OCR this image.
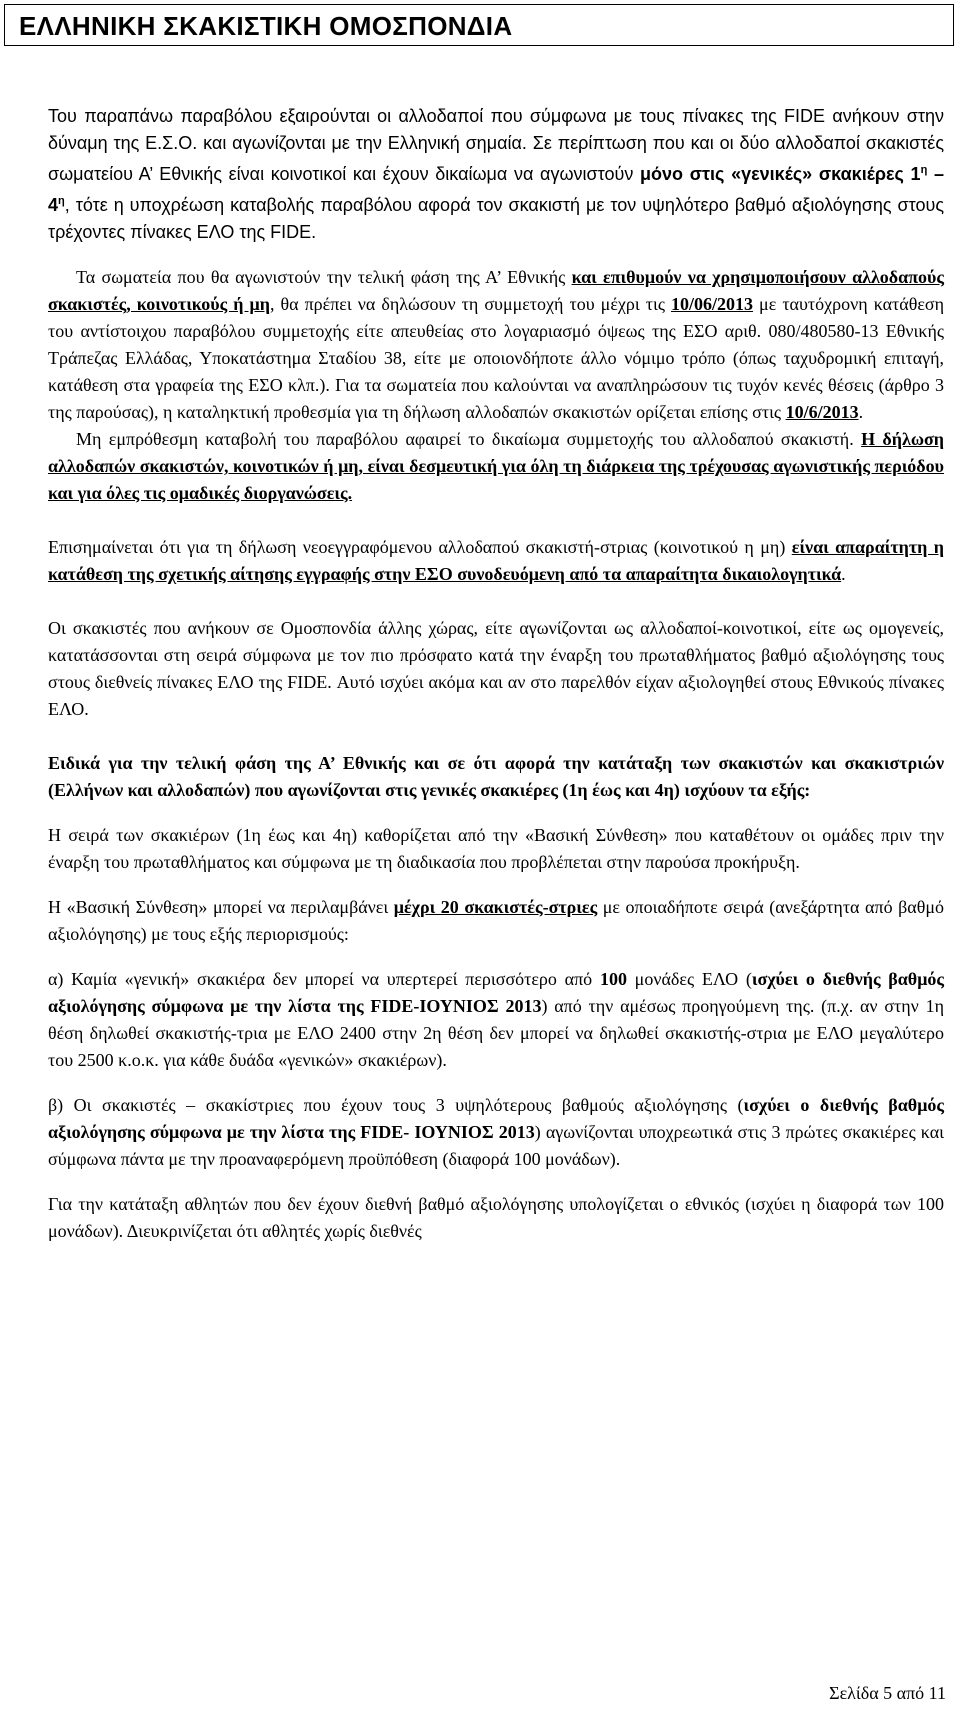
ΕΛΛΗΝΙΚΗ ΣΚΑΚΙΣΤΙΚΗ ΟΜΟΣΠΟΝΔΙΑ

Του παραπάνω παραβόλου εξαιρούνται οι αλλοδαποί που σύμφωνα με τους πίνακες της FIDE ανήκουν στην δύναμη της Ε.Σ.Ο. και αγωνίζονται με την Ελληνική σημαία. Σε περίπτωση που και οι δύο αλλοδαποί σκακιστές σωματείου Α’ Εθνικής είναι κοινοτικοί και έχουν δικαίωμα να αγωνιστούν μόνο στις «γενικές» σκακιέρες $1^\eta - 4^\eta$, τότε η υποχρέωση καταβολής παραβόλου αφορά τον σκακιστή με τον υψηλότερο βαθμό αξιολόγησης στους τρέχοντες πίνακες ΕΛΟ της FIDE.

Τα σωματεία που θα αγωνιστούν την τελική φάση της Α’ Εθνικής και επιθυμούν να χρησιμοποιήσουν αλλοδαπούς σκακιστές, κοινοτικούς ή μη, θα πρέπει να δηλώσουν τη συμμετοχή του μέχρι τις 10/06/2013 με ταυτόχρονη κατάθεση του αντίστοιχου παραβόλου συμμετοχής είτε απευθείας στο λογαριασμό όψεως της ΕΣΟ αριθ. 080/480580-13 Εθνικής Τράπεζας Ελλάδας, Υποκατάστημα Σταδίου 38, είτε με οποιονδήποτε άλλο νόμιμο τρόπο (όπως ταχυδρομική επιταγή, κατάθεση στα γραφεία της ΕΣΟ κλπ.). Για τα σωματεία που καλούνται να αναπληρώσουν τις τυχόν κενές θέσεις (άρθρο 3 της παρούσας), η καταληκτική προθεσμία για τη δήλωση αλλοδαπών σκακιστών ορίζεται επίσης στις 10/6/2013.

Μη εμπρόθεσμη καταβολή του παραβόλου αφαιρεί το δικαίωμα συμμετοχής του αλλοδαπού σκακιστή. Η δήλωση αλλοδαπών σκακιστών, κοινοτικών ή μη, είναι δεσμευτική για όλη τη διάρκεια της τρέχουσας αγωνιστικής περιόδου και για όλες τις ομαδικές διοργανώσεις.

Επισημαίνεται ότι για τη δήλωση νεοεγγραφόμενου αλλοδαπού σκακιστή-στριας (κοινοτικού η μη) είναι απαραίτητη η κατάθεση της σχετικής αίτησης εγγραφής στην ΕΣΟ συνοδευόμενη από τα απαραίτητα δικαιολογητικά.

Οι σκακιστές που ανήκουν σε Ομοσπονδία άλλης χώρας, είτε αγωνίζονται ως αλλοδαποί-κοινοτικοί, είτε ως ομογενείς, κατατάσσονται στη σειρά σύμφωνα με τον πιο πρόσφατο κατά την έναρξη του πρωταθλήματος βαθμό αξιολόγησης τους στους διεθνείς πίνακες ΕΛΟ της FIDE. Αυτό ισχύει ακόμα και αν στο παρελθόν είχαν αξιολογηθεί στους Εθνικούς πίνακες ΕΛΟ.

Ειδικά για την τελική φάση της Α’ Εθνικής και σε ότι αφορά την κατάταξη των σκακιστών και σκακιστριών (Ελλήνων και αλλοδαπών) που αγωνίζονται στις γενικές σκακιέρες (1η έως και 4η) ισχύουν τα εξής:

Η σειρά των σκακιέρων (1η έως και 4η) καθορίζεται από την «Βασική Σύνθεση» που καταθέτουν οι ομάδες πριν την έναρξη του πρωταθλήματος και σύμφωνα με τη διαδικασία που προβλέπεται στην παρούσα προκήρυξη.

Η «Βασική Σύνθεση» μπορεί να περιλαμβάνει μέχρι 20 σκακιστές-στριες με οποιαδήποτε σειρά (ανεξάρτητα από βαθμό αξιολόγησης) με τους εξής περιορισμούς:

α) Καμία «γενική» σκακιέρα δεν μπορεί να υπερτερεί περισσότερο από 100 μονάδες ΕΛΟ (ισχύει ο διεθνής βαθμός αξιολόγησης σύμφωνα με την λίστα της FIDE-ΙΟΥΝΙΟΣ 2013) από την αμέσως προηγούμενη της. (π.χ. αν στην 1η θέση δηλωθεί σκακιστής-τρια με ΕΛΟ 2400 στην 2η θέση δεν μπορεί να δηλωθεί σκακιστής-στρια με ΕΛΟ μεγαλύτερο του 2500 κ.ο.κ. για κάθε δυάδα «γενικών» σκακιέρων).

β) Οι σκακιστές – σκακίστριες που έχουν τους 3 υψηλότερους βαθμούς αξιολόγησης (ισχύει ο διεθνής βαθμός αξιολόγησης σύμφωνα με την λίστα της FIDE- ΙΟΥΝΙΟΣ 2013) αγωνίζονται υποχρεωτικά στις 3 πρώτες σκακιέρες και σύμφωνα πάντα με την προαναφερόμενη προϋπόθεση (διαφορά 100 μονάδων).

Για την κατάταξη αθλητών που δεν έχουν διεθνή βαθμό αξιολόγησης υπολογίζεται ο εθνικός (ισχύει η διαφορά των 100 μονάδων). Διευκρινίζεται ότι αθλητές χωρίς διεθνές

Σελίδα 5 από 11
